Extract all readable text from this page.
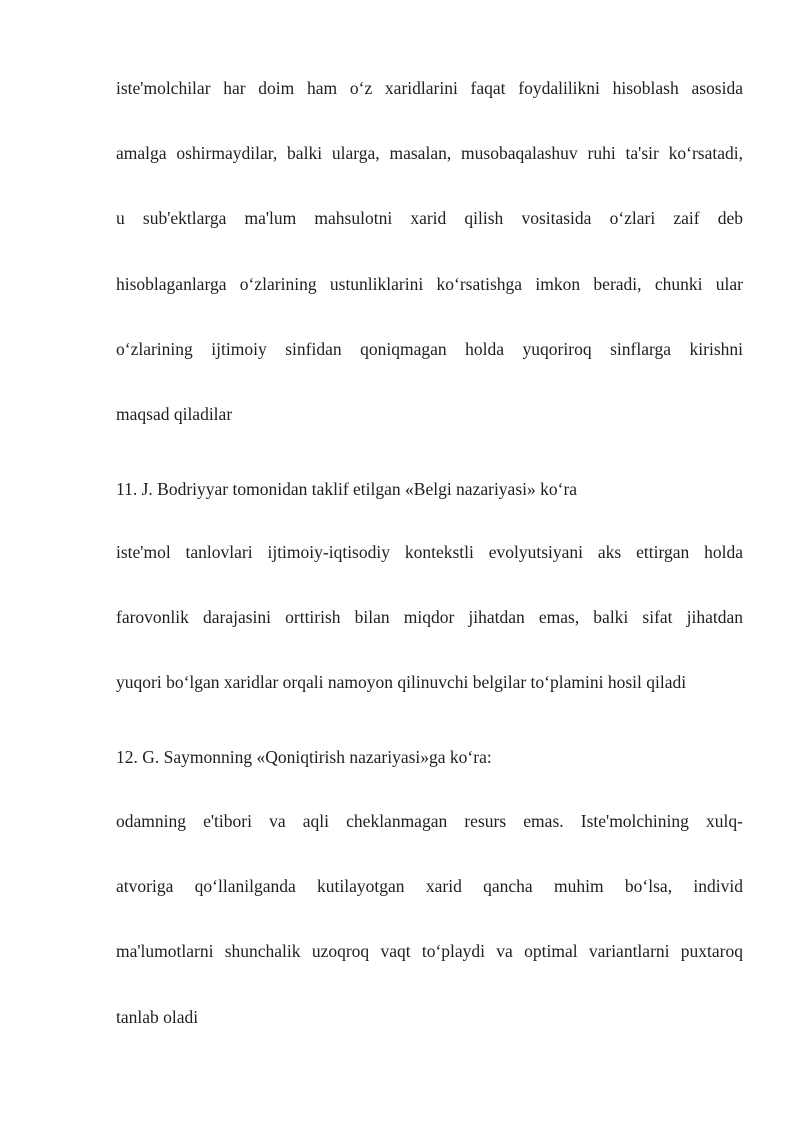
iste'molchilar har doim ham o‘z xaridlarini faqat foydalilikni hisoblash asosida
amalga oshirmaydilar, balki ularga, masalan, musobaqalashuv ruhi ta'sir ko‘rsatadi,
u sub'ektlarga ma'lum mahsulotni xarid qilish vositasida o‘zlari zaif deb
hisoblaganlarga o‘zlarining ustunliklarini ko‘rsatishga imkon beradi, chunki ular
o‘zlarining ijtimoiy sinfidan qoniqmagan holda yuqoriroq sinflarga kirishni
maqsad qiladilar
11. J. Bodriyyar tomonidan taklif etilgan «Belgi nazariyasi» ko‘ra
iste'mol tanlovlari ijtimoiy-iqtisodiy kontekstli evolyutsiyani aks ettirgan holda
farovonlik darajasini orttirish bilan miqdor jihatdan emas, balki sifat jihatdan
yuqori bo‘lgan xaridlar orqali namoyon qilinuvchi belgilar to‘plamini hosil qiladi
12. G. Saymonning «Qoniqtirish nazariyasi»ga ko‘ra:
odamning e'tibori va aqli cheklanmagan resurs emas. Iste'molchining xulq-
atvoriga qo‘llanilganda kutilayotgan xarid qancha muhim bo‘lsa, individ
ma'lumotlarni shunchalik uzoqroq vaqt to‘playdi va optimal variantlarni puxtaroq
tanlab oladi
